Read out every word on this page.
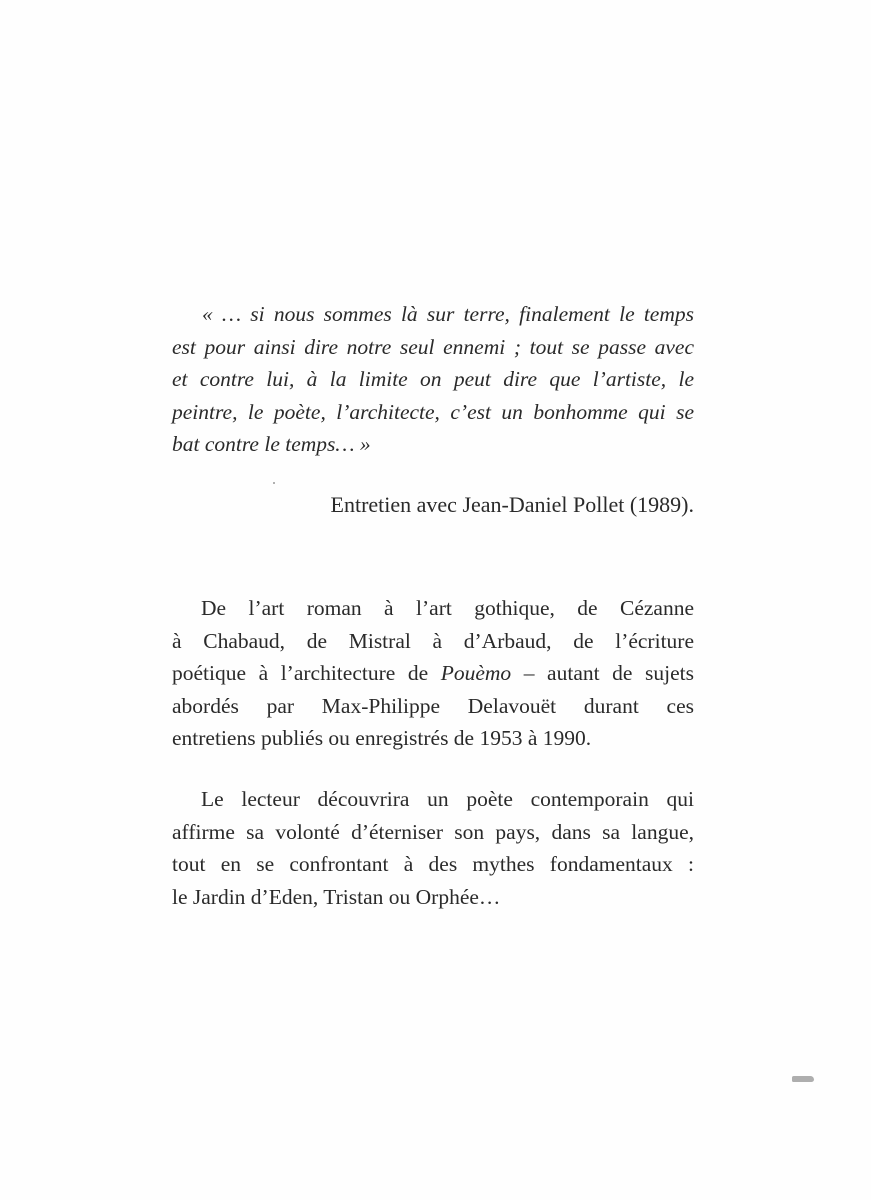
« … si nous sommes là sur terre, finalement le temps
est pour ainsi dire notre seul ennemi ; tout se passe avec
et contre lui, à la limite on peut dire que l’artiste, le
peintre, le poète, l’architecte, c’est un bonhomme qui se
bat contre le temps… »

Entretien avec Jean-Daniel Pollet (1989).

De l’art roman à l’art gothique, de Cézanne
à Chabaud, de Mistral à d’Arbaud, de l’écriture
poétique à l’architecture de Pouèmo – autant de sujets
abordés par Max-Philippe Delavouët durant ces
entretiens publiés ou enregistrés de 1953 à 1990.

Le lecteur découvrira un poète contemporain qui
affirme sa volonté d’éterniser son pays, dans sa langue,
tout en se confrontant à des mythes fondamentaux :
le Jardin d’Eden, Tristan ou Orphée…
